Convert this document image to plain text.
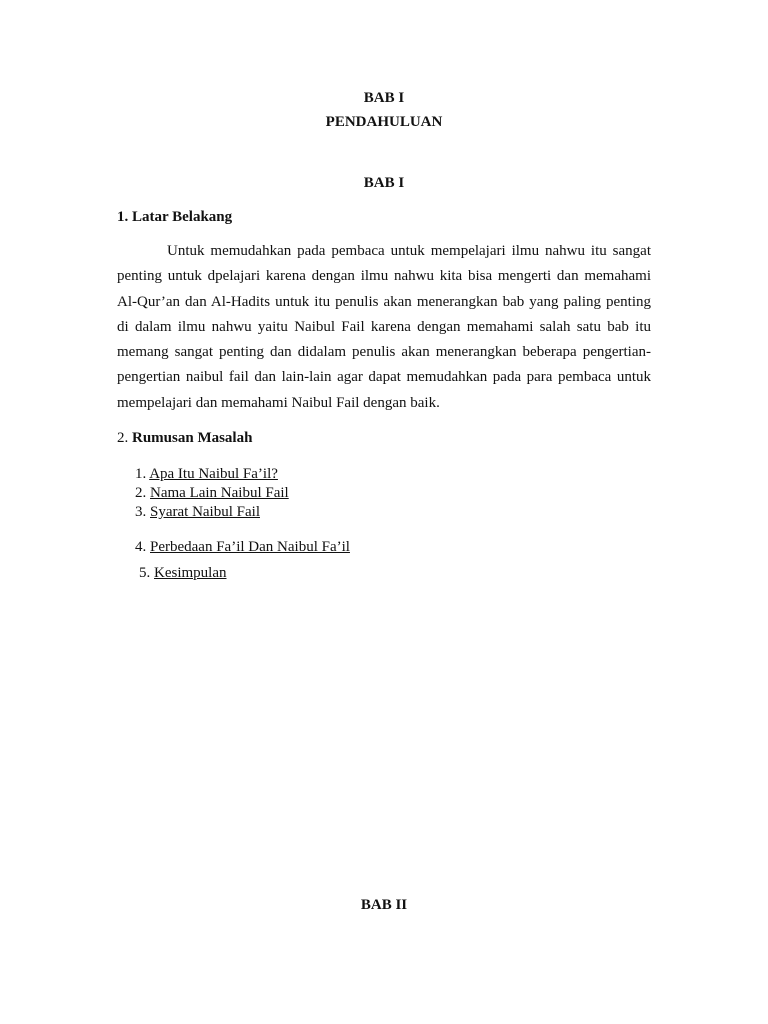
BAB I
PENDAHULUAN
BAB I
1. Latar Belakang

Untuk memudahkan pada pembaca untuk mempelajari ilmu nahwu itu sangat penting untuk dpelajari karena dengan ilmu nahwu kita bisa mengerti dan memahami Al-Qur’an dan Al-Hadits untuk itu penulis akan menerangkan bab yang paling penting di dalam ilmu nahwu yaitu Naibul Fail karena dengan memahami salah satu bab itu memang sangat penting dan didalam penulis akan menerangkan beberapa pengertian-pengertian naibul fail dan lain-lain agar dapat memudahkan pada para pembaca untuk mempelajari dan memahami Naibul Fail dengan baik.

2. Rumusan Masalah
1. Apa Itu Naibul Fa’il?
2. Nama Lain Naibul Fail
3. Syarat Naibul Fail
4. Perbedaan Fa’il Dan Naibul Fa’il
5. Kesimpulan
BAB II
